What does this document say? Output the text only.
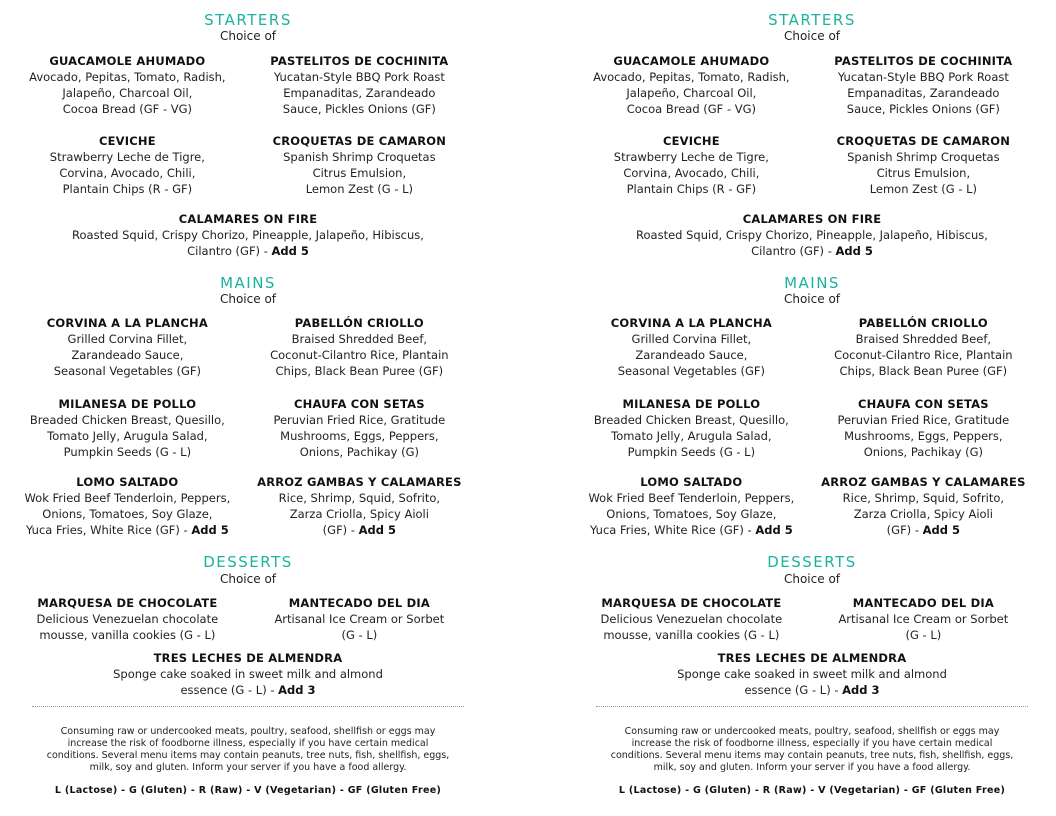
STARTERS
Choice of
GUACAMOLE AHUMADO
Avocado, Pepitas, Tomato, Radish,
Jalapeño, Charcoal Oil,
Cocoa Bread (GF - VG)
PASTELITOS DE COCHINITA
Yucatan-Style BBQ Pork Roast
Empanaditas, Zarandeado
Sauce, Pickles Onions (GF)
CEVICHE
Strawberry Leche de Tigre,
Corvina, Avocado, Chili,
Plantain Chips (R - GF)
CROQUETAS DE CAMARON
Spanish Shrimp Croquetas
Citrus Emulsion,
Lemon Zest (G - L)
CALAMARES ON FIRE
Roasted Squid, Crispy Chorizo, Pineapple, Jalapeño, Hibiscus,
Cilantro (GF) - Add 5
MAINS
Choice of
CORVINA A LA PLANCHA
Grilled Corvina Fillet,
Zarandeado Sauce,
Seasonal Vegetables (GF)
PABELLÓN CRIOLLO
Braised Shredded Beef,
Coconut-Cilantro Rice, Plantain
Chips, Black Bean Puree (GF)
MILANESA DE POLLO
Breaded Chicken Breast, Quesillo,
Tomato Jelly, Arugula Salad,
Pumpkin Seeds (G - L)
CHAUFA CON SETAS
Peruvian Fried Rice, Gratitude
Mushrooms, Eggs, Peppers,
Onions, Pachikay (G)
LOMO SALTADO
Wok Fried Beef Tenderloin, Peppers,
Onions, Tomatoes, Soy Glaze,
Yuca Fries, White Rice (GF) - Add 5
ARROZ GAMBAS Y CALAMARES
Rice, Shrimp, Squid, Sofrito,
Zarza Criolla, Spicy Aioli
(GF) - Add 5
DESSERTS
Choice of
MARQUESA DE CHOCOLATE
Delicious Venezuelan chocolate
mousse, vanilla cookies (G - L)
MANTECADO DEL DIA
Artisanal Ice Cream or Sorbet
(G - L)
TRES LECHES DE ALMENDRA
Sponge cake soaked in sweet milk and almond
essence (G - L) - Add 3
Consuming raw or undercooked meats, poultry, seafood, shellfish or eggs may
increase the risk of foodborne illness, especially if you have certain medical
conditions. Several menu items may contain peanuts, tree nuts, fish, shellfish, eggs,
milk, soy and gluten. Inform your server if you have a food allergy.
L (Lactose) - G (Gluten) - R (Raw) - V (Vegetarian) - GF (Gluten Free)
STARTERS
Choice of
GUACAMOLE AHUMADO
Avocado, Pepitas, Tomato, Radish,
Jalapeño, Charcoal Oil,
Cocoa Bread (GF - VG)
PASTELITOS DE COCHINITA
Yucatan-Style BBQ Pork Roast
Empanaditas, Zarandeado
Sauce, Pickles Onions (GF)
CEVICHE
Strawberry Leche de Tigre,
Corvina, Avocado, Chili,
Plantain Chips (R - GF)
CROQUETAS DE CAMARON
Spanish Shrimp Croquetas
Citrus Emulsion,
Lemon Zest (G - L)
CALAMARES ON FIRE
Roasted Squid, Crispy Chorizo, Pineapple, Jalapeño, Hibiscus,
Cilantro (GF) - Add 5
MAINS
Choice of
CORVINA A LA PLANCHA
Grilled Corvina Fillet,
Zarandeado Sauce,
Seasonal Vegetables (GF)
PABELLÓN CRIOLLO
Braised Shredded Beef,
Coconut-Cilantro Rice, Plantain
Chips, Black Bean Puree (GF)
MILANESA DE POLLO
Breaded Chicken Breast, Quesillo,
Tomato Jelly, Arugula Salad,
Pumpkin Seeds (G - L)
CHAUFA CON SETAS
Peruvian Fried Rice, Gratitude
Mushrooms, Eggs, Peppers,
Onions, Pachikay (G)
LOMO SALTADO
Wok Fried Beef Tenderloin, Peppers,
Onions, Tomatoes, Soy Glaze,
Yuca Fries, White Rice (GF) - Add 5
ARROZ GAMBAS Y CALAMARES
Rice, Shrimp, Squid, Sofrito,
Zarza Criolla, Spicy Aioli
(GF) - Add 5
DESSERTS
Choice of
MARQUESA DE CHOCOLATE
Delicious Venezuelan chocolate
mousse, vanilla cookies (G - L)
MANTECADO DEL DIA
Artisanal Ice Cream or Sorbet
(G - L)
TRES LECHES DE ALMENDRA
Sponge cake soaked in sweet milk and almond
essence (G - L) - Add 3
Consuming raw or undercooked meats, poultry, seafood, shellfish or eggs may
increase the risk of foodborne illness, especially if you have certain medical
conditions. Several menu items may contain peanuts, tree nuts, fish, shellfish, eggs,
milk, soy and gluten. Inform your server if you have a food allergy.
L (Lactose) - G (Gluten) - R (Raw) - V (Vegetarian) - GF (Gluten Free)
